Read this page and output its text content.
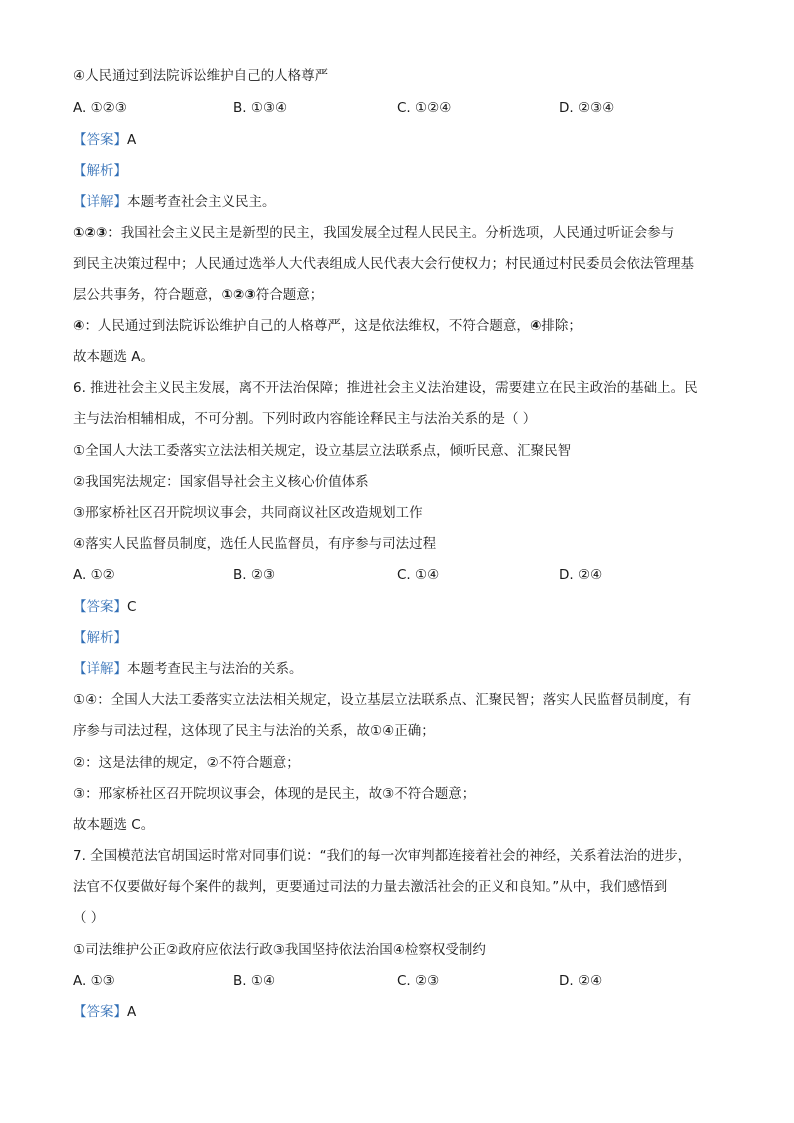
④人民通过到法院诉讼维护自己的人格尊严
A. ①②③	B. ①③④	C. ①②④	D. ②③④
【答案】A
【解析】
【详解】本题考查社会主义民主。
①②③：我国社会主义民主是新型的民主，我国发展全过程人民民主。分析选项，人民通过听证会参与
到民主决策过程中；人民通过选举人大代表组成人民代表大会行使权力；村民通过村民委员会依法管理基
层公共事务，符合题意，①②③符合题意；
④：人民通过到法院诉讼维护自己的人格尊严，这是依法维权，不符合题意，④排除；
故本题选 A。
6. 推进社会主义民主发展，离不开法治保障；推进社会主义法治建设，需要建立在民主政治的基础上。民
主与法治相辅相成，不可分割。下列时政内容能诠释民主与法治关系的是（ ）
①全国人大法工委落实立法法相关规定，设立基层立法联系点，倾听民意、汇聚民智
②我国宪法规定：国家倡导社会主义核心价值体系
③邢家桥社区召开院坝议事会，共同商议社区改造规划工作
④落实人民监督员制度，选任人民监督员，有序参与司法过程
A. ①②	B. ②③	C. ①④	D. ②④
【答案】C
【解析】
【详解】本题考查民主与法治的关系。
①④：全国人大法工委落实立法法相关规定，设立基层立法联系点、汇聚民智；落实人民监督员制度，有
序参与司法过程，这体现了民主与法治的关系，故①④正确；
②：这是法律的规定，②不符合题意；
③：邢家桥社区召开院坝议事会，体现的是民主，故③不符合题意；
故本题选 C。
7. 全国模范法官胡国运时常对同事们说：“我们的每一次审判都连接着社会的神经，关系着法治的进步，
法官不仅要做好每个案件的裁判，更要通过司法的力量去激活社会的正义和良知。”从中，我们感悟到
（ ）
①司法维护公正②政府应依法行政③我国坚持依法治国④检察权受制约
A. ①③	B. ①④	C. ②③	D. ②④
【答案】A
